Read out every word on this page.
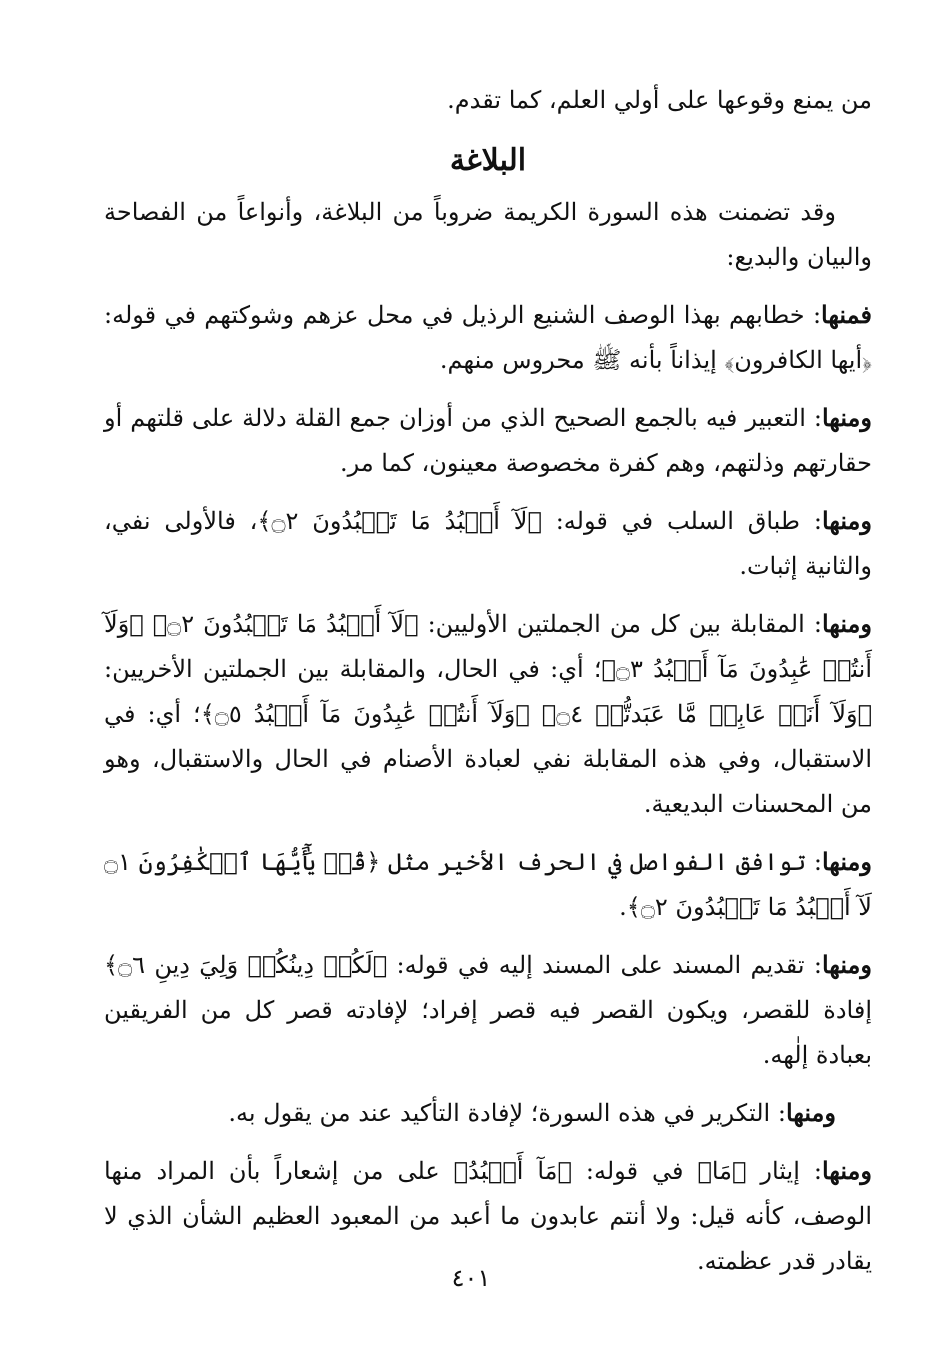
من يمنع وقوعها على أولي العلم، كما تقدم.

البلاغة

وقد تضمنت هذه السورة الكريمة ضروباً من البلاغة، وأنواعاً من الفصاحة والبيان والبديع:

فمنها: خطابهم بهذا الوصف الشنيع الرذيل في محل عزهم وشوكتهم في قوله: ﴿أيها الكافرون﴾ إيذاناً بأنه ﷺ محروس منهم.

ومنها: التعبير فيه بالجمع الصحيح الذي من أوزان جمع القلة دلالة على قلتهم أو حقارتهم وذلتهم، وهم كفرة مخصوصة معينون، كما مر.

ومنها: طباق السلب في قوله: ﴿لَآ أَعۡبُدُ مَا تَعۡبُدُونَ ۝٢﴾، فالأولى نفي، والثانية إثبات.

ومنها: المقابلة بين كل من الجملتين الأوليين: ﴿لَآ أَعۡبُدُ مَا تَعۡبُدُونَ ۝٢﴾ ﴿وَلَآ أَنتُمۡ عَٰبِدُونَ مَآ أَعۡبُدُ ۝٣﴾؛ أي: في الحال، والمقابلة بين الجملتين الأخريين: ﴿وَلَآ أَنَا۠ عَابِدٞ مَّا عَبَدتُّمۡ ۝٤﴾ ﴿وَلَآ أَنتُمۡ عَٰبِدُونَ مَآ أَعۡبُدُ ۝٥﴾؛ أي: في الاستقبال، وفي هذه المقابلة نفي لعبادة الأصنام في الحال والاستقبال، وهو من المحسنات البديعية.

ومنها: توافق الفواصل في الحرف الأخير مثل ﴿قُلۡ يَٰٓأَيُّهَا ٱلۡكَٰفِرُونَ ۝١ لَآ أَعۡبُدُ مَا تَعۡبُدُونَ ۝٢﴾.

ومنها: تقديم المسند على المسند إليه في قوله: ﴿لَكُمۡ دِينُكُمۡ وَلِيَ دِينِ ۝٦﴾ إفادة للقصر، ويكون القصر فيه قصر إفراد؛ لإفادته قصر كل من الفريقين بعبادة إلٰهه.

ومنها: التكرير في هذه السورة؛ لإفادة التأكيد عند من يقول به.

ومنها: إيثار ﴿مَا﴾ في قوله: ﴿مَآ أَعۡبُدُ﴾ على من إشعاراً بأن المراد منها الوصف، كأنه قيل: ولا أنتم عابدون ما أعبد من المعبود العظيم الشأن الذي لا يقادر قدر عظمته.

٤٠١
